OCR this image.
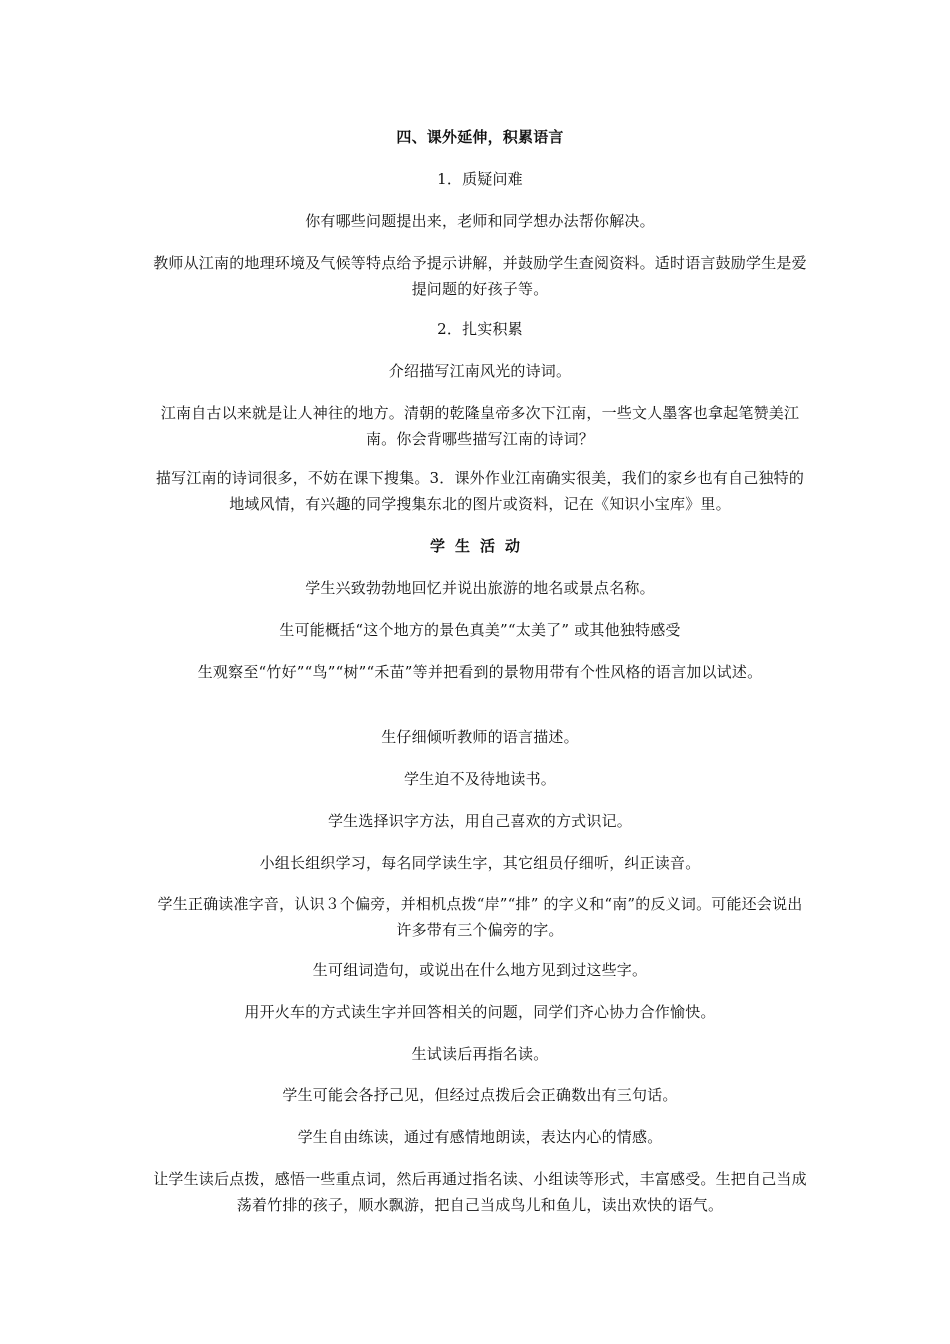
四、课外延伸，积累语言
1．质疑问难
你有哪些问题提出来，老师和同学想办法帮你解决。
教师从江南的地理环境及气候等特点给予提示讲解，并鼓励学生查阅资料。适时语言鼓励学生是爱提问题的好孩子等。
2．扎实积累
介绍描写江南风光的诗词。
江南自古以来就是让人神往的地方。清朝的乾隆皇帝多次下江南，一些文人墨客也拿起笔赞美江南。你会背哪些描写江南的诗词？
描写江南的诗词很多，不妨在课下搜集。3．课外作业江南确实很美，我们的家乡也有自己独特的地域风情，有兴趣的同学搜集东北的图片或资料，记在《知识小宝库》里。
学生活动
学生兴致勃勃地回忆并说出旅游的地名或景点名称。
生可能概括“这个地方的景色真美”“太美了” 或其他独特感受
生观察至“竹好”“鸟”“树”“禾苗”等并把看到的景物用带有个性风格的语言加以试述。
生仔细倾听教师的语言描述。
学生迫不及待地读书。
学生选择识字方法，用自己喜欢的方式识记。
小组长组织学习，每名同学读生字，其它组员仔细听，纠正读音。
学生正确读准字音，认识３个偏旁，并相机点拨“岸”“排” 的字义和“南”的反义词。可能还会说出许多带有三个偏旁的字。
生可组词造句，或说出在什么地方见到过这些字。
用开火车的方式读生字并回答相关的问题，同学们齐心协力合作愉快。
生试读后再指名读。
学生可能会各抒己见，但经过点拨后会正确数出有三句话。
学生自由练读，通过有感情地朗读，表达内心的情感。
让学生读后点拨，感悟一些重点词，然后再通过指名读、小组读等形式，丰富感受。生把自己当成荡着竹排的孩子，顺水飘游，把自己当成鸟儿和鱼儿，读出欢快的语气。
